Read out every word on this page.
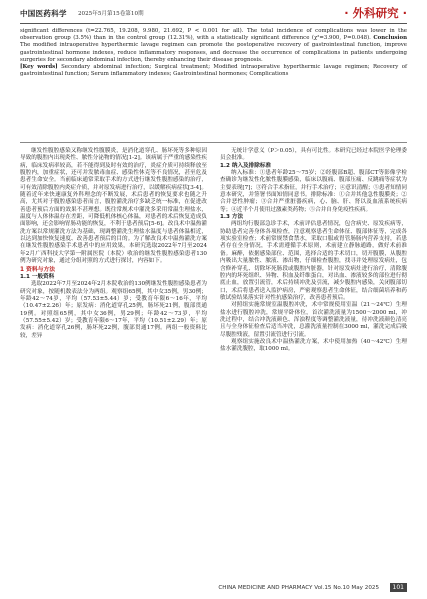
中国医药科学 2025年5月第15卷第10期	· 外科研究 ·

significant differences (t=22.765, 19.208, 9.980, 21.692, P < 0.001 for all). The total incidence of complications was lower in the observation group (3.5%) than in the control group (12.31%), with a statistically significant difference (χ²=3.900, P=0.048). Conclusion The modified intraoperative hyperthermic lavage regimen can promote the postoperative recovery of gastrointestinal function, improve gastrointestinal hormone indexes, reduce inflammatory responses, and decrease the occurrence of complications in patients undergoing surgeries for secondary abdominal infection, thereby enhancing their disease prognosis.

[Key words] Secondary abdominal infection; Surgical treatment; Modified intraoperative hyperthermic lavage regimen; Recovery of gastrointestinal function; Serum inflammatory indexes; Gastrointestinal hormones; Complications

继发性腹腔感染又称继发性腹膜炎，是消化道穿孔、肠坏死等多种原因导致的腹腔内出现炎性、脓性分泌物的情况[1-2]。该病属于严重的感染性疾病，临床发病率较高，若不能得到及时有效的治疗，炎症介质可持续释放至腹腔内，加重症状，还可并发脓毒血症、感染性休克等不良情况，甚至危及患者生命安全。当前临床通常采取手术的方式进行继发性腹腔感染的治疗，可有效清除腹腔内炎症介质，并对原发病进行治疗，以缓解疾病症状[3-4]。随着近年来快速康复外科理念的不断发展，术后患者的恢复要求也随之升高，尤其对于腹腔感染患者而言，腹腔灌洗治疗多缺乏统一标准，在促进改善患者预后方面的效果不甚理想。既往常规术中灌洗多采用常温生理盐水，温度与人体体温存在差距，可降低机体核心体温，对患者的术后恢复造成负面影响，还会影响胃肠功能的恢复，不利于患者预后[5-6]。改良术中温热灌洗方案以常规灌洗方法为基础，现调整灌洗生理盐水温度与患者体温相近，以达到加快恢复速度、改善患者预后的目的。为了解改良术中温热灌洗方案在继发性腹腔感染手术患者中的应用效果，本研究选取2022年7月至2024年2月广西科技大学第一附属医院（本院）收治的继发性腹腔感染患者130例为研究对象，通过分组对照的方式进行探讨，内容如下。

1 资料与方法

1.1 一般资料

选取2022年7月至2024年2月本院收治的130例继发性腹腔感染患者为研究对象，按随机数表法分为两组。观察组65例，其中女35例，男30例；年龄42～74岁，平均（57.53±5.44）岁；受教育年限6～16年，平均（10.47±2.26）年；原发病：消化道穿孔25例，肠坏死21例，腹部贯通19例。对照组65例，其中女36例，男29例；年龄42～73岁，平均（57.55±5.42）岁；受教育年限6～17年，平均（10.51±2.29）年；原发病：消化道穿孔26例，肠坏死22例，腹部贯通17例。两组一般资料比较，差异

无统计学意义（P＞0.05），具有可比性。本研究已经过本院医学伦理委员会批准。

1.2 纳入及排除标准

纳入标准：①患者年龄25～75岁；②经腹部B超、腹部CT等影像学检查确诊为继发性化脓性腹膜感染，临床以腹痛、腹部压痛、反跳痛等症状为主要表现[7]；③符合手术指征，并行手术治疗；④意识清醒；⑤患者知情同意本研究，并签署书面知情同意书。排除标准：①合并其他急性腹膜炎；②合并恶性肿瘤；③合并严重脏器疾病，心、脑、肝、肾以及血液系统疾病等；④近半个月使用过激素类药物；⑤合并自身免疫性疾病。

1.3 方法

两组均行腹部急诊手术，术前评估患者情况，包含病史、原发疾病等，协助患者完善身体各项检查，注意观察患者生命体征、腹部体征等，完成各项实验室检查；术前常规禁食禁水，采取口服或胃管肠肠内营养支持，若患者存在全身情况，手术需遵循手术原则，术前建立静脉通路，做好术前准备。麻醉，依据感染部位、范围，选择合适的手术切口，切开腹膜，从腹腔内吸出大量脓性、脓液、渗出物，仔细检查腹腔，找寻并处理原发病灶，包含修补穿孔、切除坏死肠段或腹腔内脏器，针对原发病灶进行治疗，清除腹腔内的坏死组织、异物、积血及纤维蛋白，对出血、渗液较多的部位进行彻底止血，放置引流管，术后持续冲洗及引流，减少腹腔内感染，关闭腹部切口，术后将患者送入监护病房，严密观察患者生命体征，结合细菌培养和药敏试验结果落实针对性抗感染治疗，改善患者预后。

对照组实施常规室温腹腔冲洗，术中常规使用室温（21～24℃）生理盐水进行腹腔冲洗，常规平卧体位，首次灌洗液量为1500～2000 ml，冲洗过程中，结合冲洗液颜色、浑浊程度等调整灌洗液量，待冲洗液颜色清亮且与全身体征检查后适当冲洗，总灌洗液量控制在3000 ml，灌洗完成后吸尽腹腔残液，留置引流管进行引流。

观察组实施改良术中温热灌洗方案，术中使用加热（40～42℃）生理盐水灌洗腹腔，取1000 ml。

CHINA MEDICINE AND PHARMACY Vol.15 No.10 May 2025	101
